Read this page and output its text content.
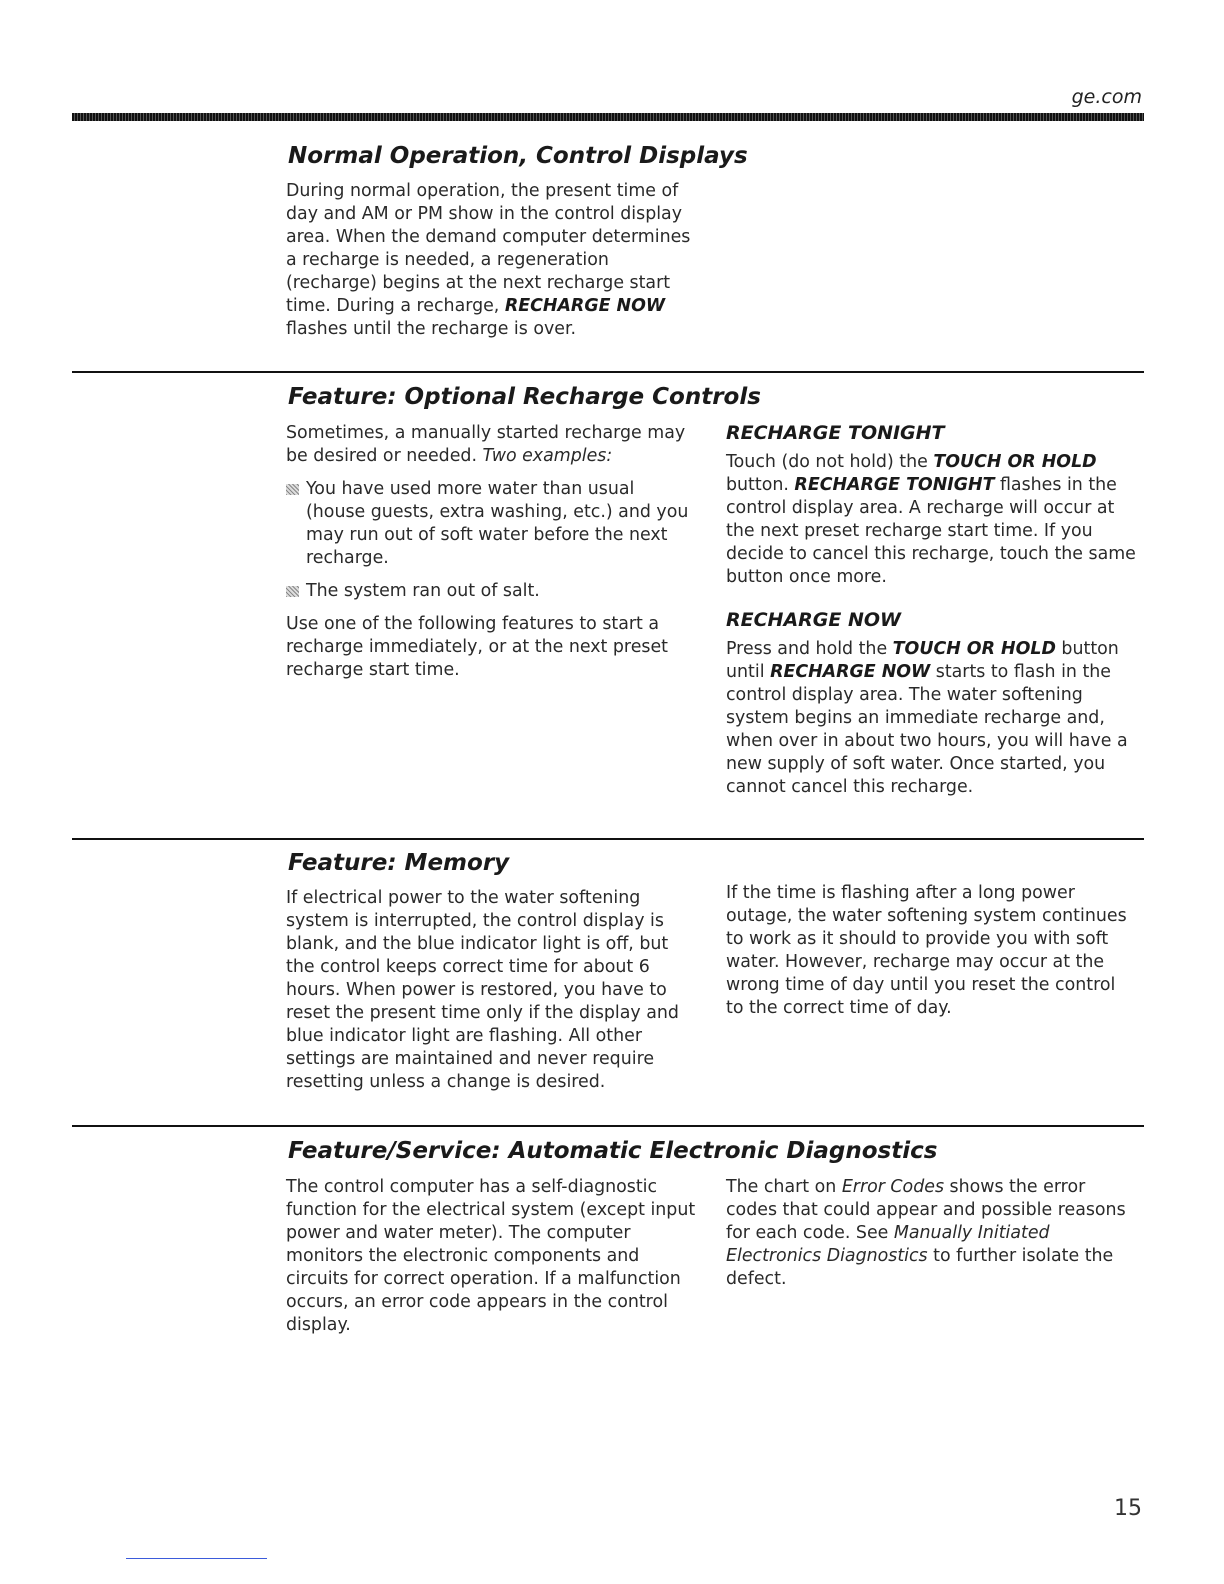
ge.com
Normal Operation, Control Displays

During normal operation, the present time of day and AM or PM show in the control display area. When the demand computer determines a recharge is needed, a regeneration (recharge) begins at the next recharge start time. During a recharge, RECHARGE NOW flashes until the recharge is over.

Feature: Optional Recharge Controls

Sometimes, a manually started recharge may be desired or needed. Two examples:

You have used more water than usual (house guests, extra washing, etc.) and you may run out of soft water before the next recharge.

The system ran out of salt.

Use one of the following features to start a recharge immediately, or at the next preset recharge start time.

RECHARGE TONIGHT

Touch (do not hold) the TOUCH OR HOLD button. RECHARGE TONIGHT flashes in the control display area. A recharge will occur at the next preset recharge start time. If you decide to cancel this recharge, touch the same button once more.

RECHARGE NOW

Press and hold the TOUCH OR HOLD button until RECHARGE NOW starts to flash in the control display area. The water softening system begins an immediate recharge and, when over in about two hours, you will have a new supply of soft water. Once started, you cannot cancel this recharge.

Feature: Memory

If electrical power to the water softening system is interrupted, the control display is blank, and the blue indicator light is off, but the control keeps correct time for about 6 hours. When power is restored, you have to reset the present time only if the display and blue indicator light are flashing. All other settings are maintained and never require resetting unless a change is desired.

If the time is flashing after a long power outage, the water softening system continues to work as it should to provide you with soft water. However, recharge may occur at the wrong time of day until you reset the control to the correct time of day.

Feature/Service: Automatic Electronic Diagnostics

The control computer has a self-diagnostic function for the electrical system (except input power and water meter). The computer monitors the electronic components and circuits for correct operation. If a malfunction occurs, an error code appears in the control display.

The chart on Error Codes shows the error codes that could appear and possible reasons for each code. See Manually Initiated Electronics Diagnostics to further isolate the defect.

15
